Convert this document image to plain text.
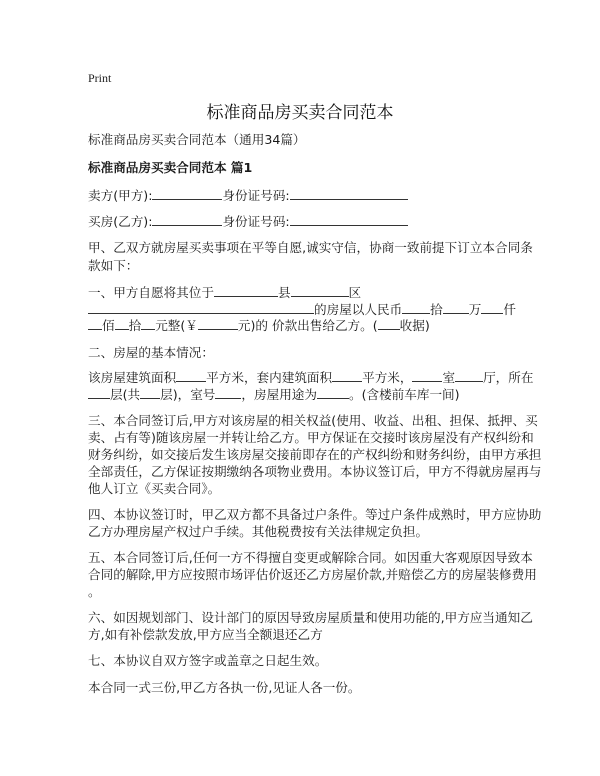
Print
标准商品房买卖合同范本
标准商品房买卖合同范本（通用34篇）
标准商品房买卖合同范本 篇1
卖方(甲方):	身份证号码:
买房(乙方):	身份证号码:
甲、乙双方就房屋买卖事项在平等自愿,诚实守信，协商一致前提下订立本合同条
款如下：
一、甲方自愿将其位于	县	区
的房屋以人民币 拾 万 仟
佰 拾 元整(￥	元)的 价款出售给乙方。( 收据)
二、房屋的基本情况：
该房屋建筑面积 平方米，套内建筑面积 平方米， 室 厅，所在
层(共 层)，室号 ，房屋用途为	。(含楼前车库一间)
三、本合同签订后,甲方对该房屋的相关权益(使用、收益、出租、担保、抵押、买
卖、占有等)随该房屋一并转让给乙方。甲方保证在交接时该房屋没有产权纠纷和
财务纠纷，如交接后发生该房屋交接前即存在的产权纠纷和财务纠纷，由甲方承担
全部责任，乙方保证按期缴纳各项物业费用。本协议签订后，甲方不得就房屋再与
他人订立《买卖合同》。
四、本协议签订时，甲乙双方都不具备过户条件。等过户条件成熟时，甲方应协助
乙方办理房屋产权过户手续。其他税费按有关法律规定负担。
五、本合同签订后,任何一方不得擅自变更或解除合同。如因重大客观原因导致本
合同的解除,甲方应按照市场评估价返还乙方房屋价款,并赔偿乙方的房屋装修费用
。
六、如因规划部门、设计部门的原因导致房屋质量和使用功能的,甲方应当通知乙
方,如有补偿款发放,甲方应当全额退还乙方
七、本协议自双方签字或盖章之日起生效。
本合同一式三份,甲乙方各执一份,见证人各一份。
